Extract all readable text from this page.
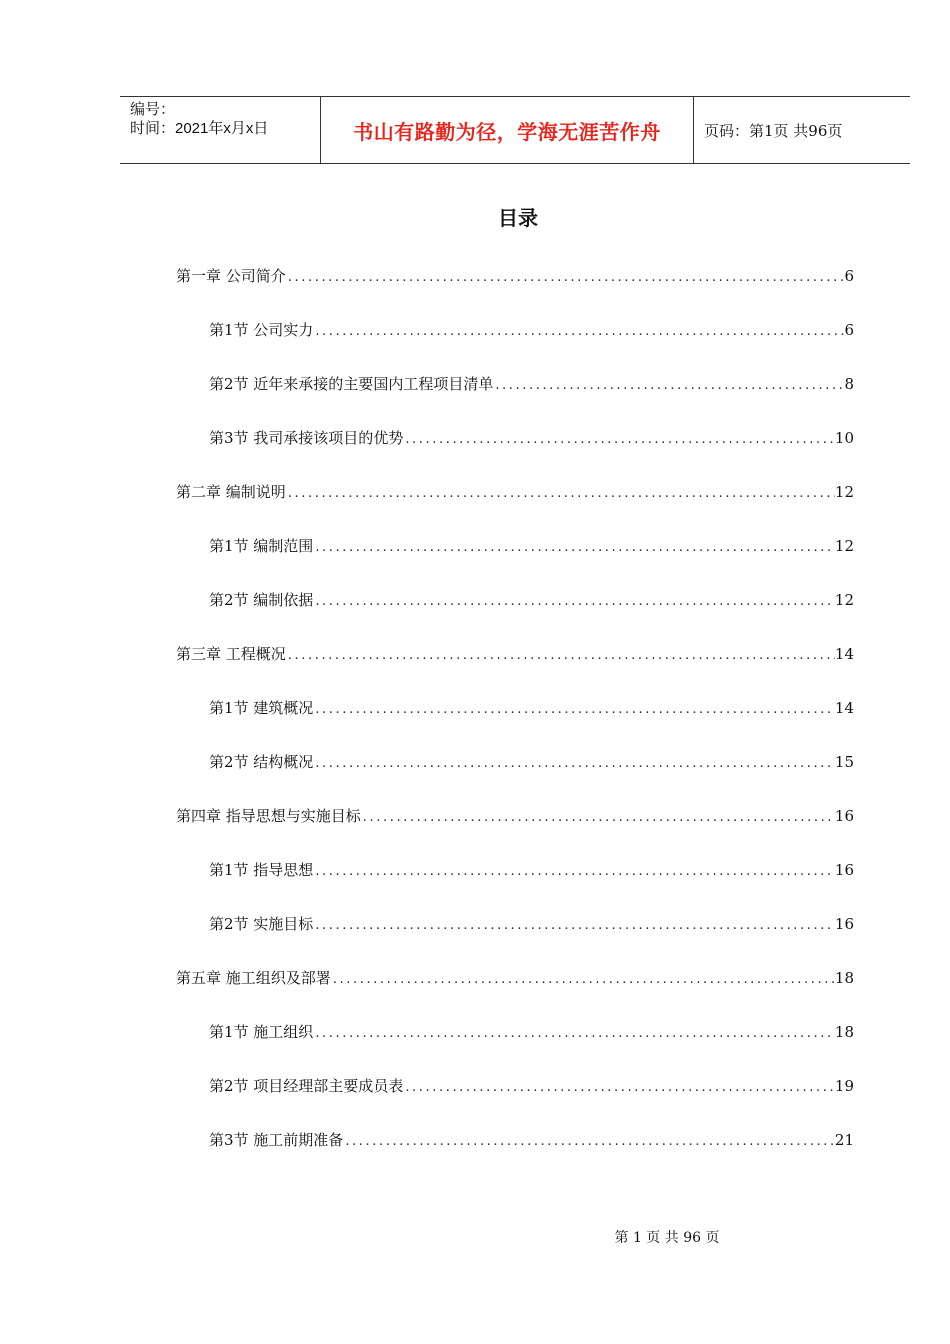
编号：
时间：2021年x月x日	书山有路勤为径，学海无涯苦作舟	页码：第1页 共96页
目录
第一章 公司简介 .....	6
第1节 公司实力 .....	6
第2节 近年来承接的主要国内工程项目清单 .....	8
第3节 我司承接该项目的优势 .....	10
第二章 编制说明 .....	12
第1节 编制范围 .....	12
第2节 编制依据 .....	12
第三章 工程概况 .....	14
第1节 建筑概况 .....	14
第2节 结构概况 .....	15
第四章 指导思想与实施目标 .....	16
第1节 指导思想 .....	16
第2节 实施目标 .....	16
第五章 施工组织及部署 .....	18
第1节 施工组织 .....	18
第2节 项目经理部主要成员表 .....	19
第3节 施工前期准备 .....	21
第 1 页 共 96 页
